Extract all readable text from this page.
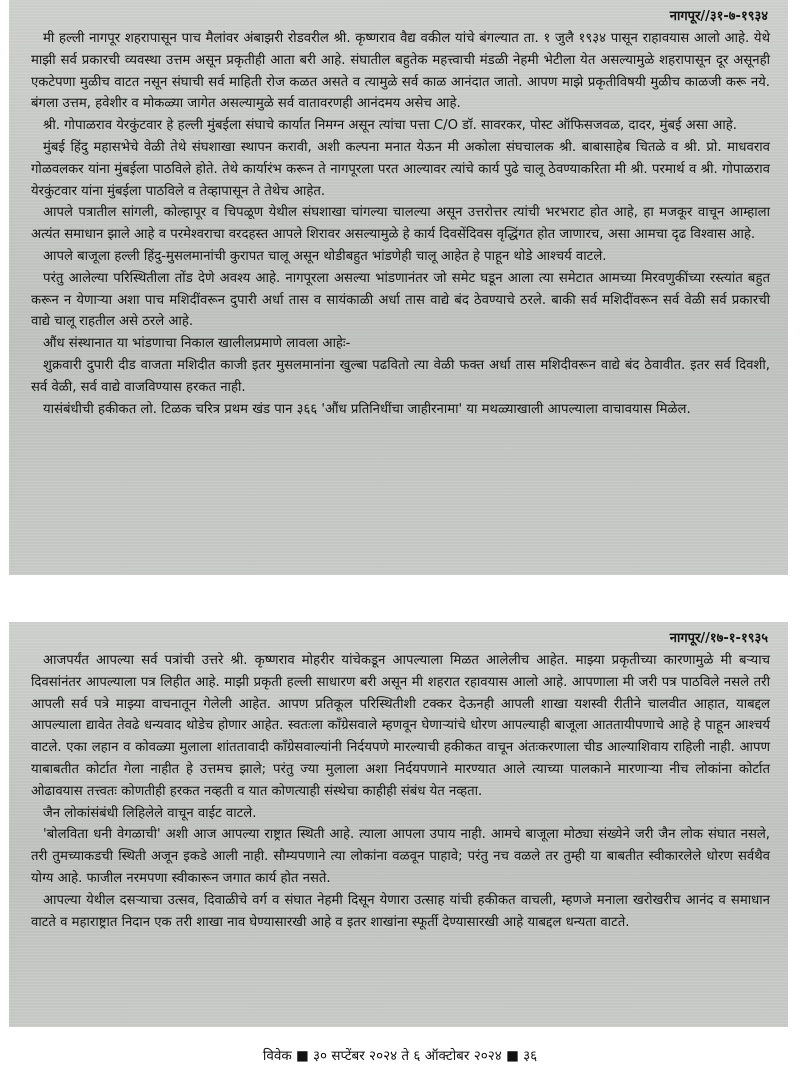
नागपूर//३१-७-१९३४

मी हल्ली नागपूर शहरापासून पाच मैलांवर अंबाझरी रोडवरील श्री. कृष्णराव वैद्य वकील यांचे बंगल्यात ता. १ जुलै १९३४ पासून राहावयास आलो आहे. येथे माझी सर्व प्रकारची व्यवस्था उत्तम असून प्रकृतीही आता बरी आहे. संघातील बहुतेक महत्त्वाची मंडळी नेहमी भेटीला येत असल्यामुळे शहरापासून दूर असूनही एकटेपणा मुळीच वाटत नसून संघाची सर्व माहिती रोज कळत असते व त्यामुळे सर्व काळ आनंदात जातो. आपण माझे प्रकृतीविषयी मुळीच काळजी करू नये. बंगला उत्तम, हवेशीर व मोकळ्या जागेत असल्यामुळे सर्व वातावरणही आनंदमय असेच आहे.

श्री. गोपाळराव येरकुंटवार हे हल्ली मुंबईला संघाचे कार्यात निमग्न असून त्यांचा पत्ता C/O डॉ. सावरकर, पोस्ट ऑफिसजवळ, दादर, मुंबई असा आहे.

मुंबई हिंदु महासभेचे वेळी तेथे संघशाखा स्थापन करावी, अशी कल्पना मनात येऊन मी अकोला संघचालक श्री. बाबासाहेब चितळे व श्री. प्रो. माधवराव गोळवलकर यांना मुंबईला पाठविले होते. तेथे कार्यारंभ करून ते नागपूरला परत आल्यावर त्यांचे कार्य पुढे चालू ठेवण्याकरिता मी श्री. परमार्थ व श्री. गोपाळराव येरकुंटवार यांना मुंबईला पाठविले व तेव्हापासून ते तेथेच आहेत.

आपले पत्रातील सांगली, कोल्हापूर व चिपळूण येथील संघशाखा चांगल्या चालल्या असून उत्तरोत्तर त्यांची भरभराट होत आहे, हा मजकूर वाचून आम्हाला अत्यंत समाधान झाले आहे व परमेश्वराचा वरदहस्त आपले शिरावर असल्यामुळे हे कार्य दिवसेंदिवस वृद्धिंगत होत जाणारच, असा आमचा दृढ विश्वास आहे.

आपले बाजूला हल्ली हिंदु-मुसलमानांची कुरापत चालू असून थोडीबहुत भांडणेही चालू आहेत हे पाहून थोडे आश्चर्य वाटले.

परंतु आलेल्या परिस्थितीला तोंड देणे अवश्य आहे. नागपूरला असल्या भांडणानंतर जो समेट घडून आला त्या समेटात आमच्या मिरवणुकींच्या रस्त्यांत बहुत करून न येणाऱ्या अशा पाच मशिदींवरून दुपारी अर्धा तास व सायंकाळी अर्धा तास वाद्ये बंद ठेवण्याचे ठरले. बाकी सर्व मशिदींवरून सर्व वेळी सर्व प्रकारची वाद्ये चालू राहतील असे ठरले आहे.

औंध संस्थानात या भांडणाचा निकाल खालीलप्रमाणे लावला आहेः-

शुक्रवारी दुपारी दीड वाजता मशिदीत काजी इतर मुसलमानांना खुल्बा पढवितो त्या वेळी फक्त अर्धा तास मशिदीवरून वाद्ये बंद ठेवावीत. इतर सर्व दिवशी, सर्व वेळी, सर्व वाद्ये वाजविण्यास हरकत नाही.

यासंबंधीची हकीकत लो. टिळक चरित्र प्रथम खंड पान ३६६ 'औंध प्रतिनिधींचा जाहीरनामा' या मथळ्याखाली आपल्याला वाचावयास मिळेल.

नागपूर//१७-१-१९३५

आजपर्यंत आपल्या सर्व पत्रांची उत्तरे श्री. कृष्णराव मोहरीर यांचेकडून आपल्याला मिळत आलेलीच आहेत. माझ्या प्रकृतीच्या कारणामुळे मी बऱ्याच दिवसांनंतर आपल्याला पत्र लिहीत आहे. माझी प्रकृती हल्ली साधारण बरी असून मी शहरात रहावयास आलो आहे. आपणाला मी जरी पत्र पाठविले नसले तरी आपली सर्व पत्रे माझ्या वाचनातून गेलेली आहेत. आपण प्रतिकूल परिस्थितीशी टक्कर देऊनही आपली शाखा यशस्वी रीतीने चालवीत आहात, याबद्दल आपल्याला द्यावेत तेवढे धन्यवाद थोडेच होणार आहेत. स्वतःला काँग्रेसवाले म्हणवून घेणाऱ्यांचे धोरण आपल्याही बाजूला आततायीपणाचे आहे हे पाहून आश्चर्य वाटले. एका लहान व कोवळ्या मुलाला शांततावादी काँग्रेसवाल्यांनी निर्दयपणे मारल्याची हकीकत वाचून अंतःकरणाला चीड आल्याशिवाय राहिली नाही. आपण याबाबतीत कोर्टात गेला नाहीत हे उत्तमच झाले; परंतु ज्या मुलाला अशा निर्दयपणाने मारण्यात आले त्याच्या पालकाने मारणाऱ्या नीच लोकांना कोर्टात ओढावयास तत्त्वतः कोणतीही हरकत नव्हती व यात कोणत्याही संस्थेचा काहीही संबंध येत नव्हता.

जैन लोकांसंबंधी लिहिलेले वाचून वाईट वाटले.

'बोलविता धनी वेगळाची' अशी आज आपल्या राष्ट्रात स्थिती आहे. त्याला आपला उपाय नाही. आमचे बाजूला मोठ्या संख्येने जरी जैन लोक संघात नसले, तरी तुमच्याकडची स्थिती अजून इकडे आली नाही. सौम्यपणाने त्या लोकांना वळवून पाहावे; परंतु नच वळले तर तुम्ही या बाबतीत स्वीकारलेले धोरण सर्वथैव योग्य आहे. फाजील नरमपणा स्वीकारून जगात कार्य होत नसते.

आपल्या येथील दसऱ्याचा उत्सव, दिवाळीचे वर्ग व संघात नेहमी दिसून येणारा उत्साह यांची हकीकत वाचली, म्हणजे मनाला खरोखरीच आनंद व समाधान वाटते व महाराष्ट्रात निदान एक तरी शाखा नाव घेण्यासारखी आहे व इतर शाखांना स्फूर्ती देण्यासारखी आहे याबद्दल धन्यता वाटते.

विवेक ■ ३० सप्टेंबर २०२४ ते ६ ऑक्टोबर २०२४ ■ ३६
